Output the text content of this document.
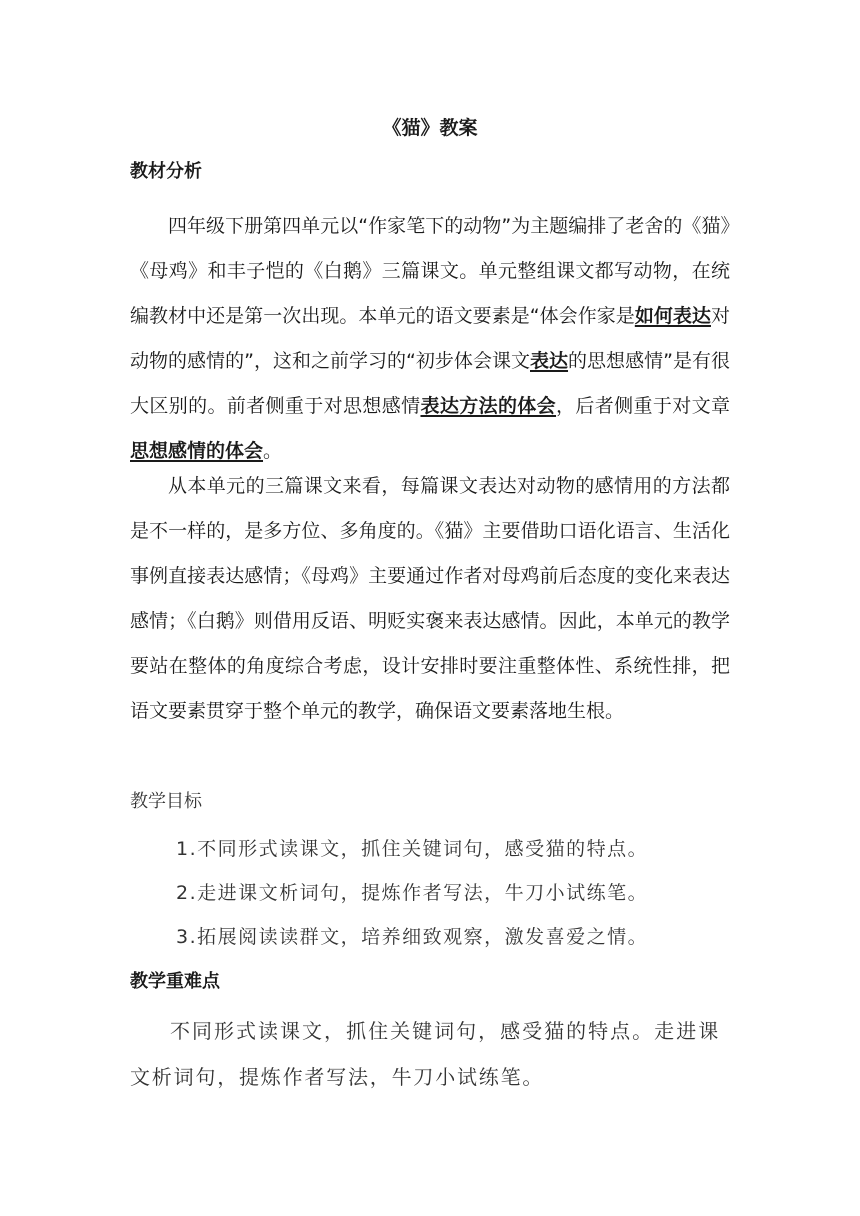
《猫》教案
教材分析

四年级下册第四单元以“作家笔下的动物”为主题编排了老舍的《猫》《母鸡》和丰子恺的《白鹅》三篇课文。单元整组课文都写动物，在统编教材中还是第一次出现。本单元的语文要素是“体会作家是如何表达对动物的感情的”，这和之前学习的“初步体会课文表达的思想感情”是有很大区别的。前者侧重于对思想感情表达方法的体会，后者侧重于对文章思想感情的体会。

从本单元的三篇课文来看，每篇课文表达对动物的感情用的方法都是不一样的，是多方位、多角度的。《猫》主要借助口语化语言、生活化事例直接表达感情；《母鸡》主要通过作者对母鸡前后态度的变化来表达感情；《白鹅》则借用反语、明贬实褒来表达感情。因此，本单元的教学要站在整体的角度综合考虑，设计安排时要注重整体性、系统性排，把语文要素贯穿于整个单元的教学，确保语文要素落地生根。

教学目标
1.不同形式读课文，抓住关键词句，感受猫的特点。
2.走进课文析词句，提炼作者写法，牛刀小试练笔。
3.拓展阅读读群文，培养细致观察，激发喜爱之情。
教学重难点

不同形式读课文，抓住关键词句，感受猫的特点。走进课文析词句，提炼作者写法，牛刀小试练笔。
